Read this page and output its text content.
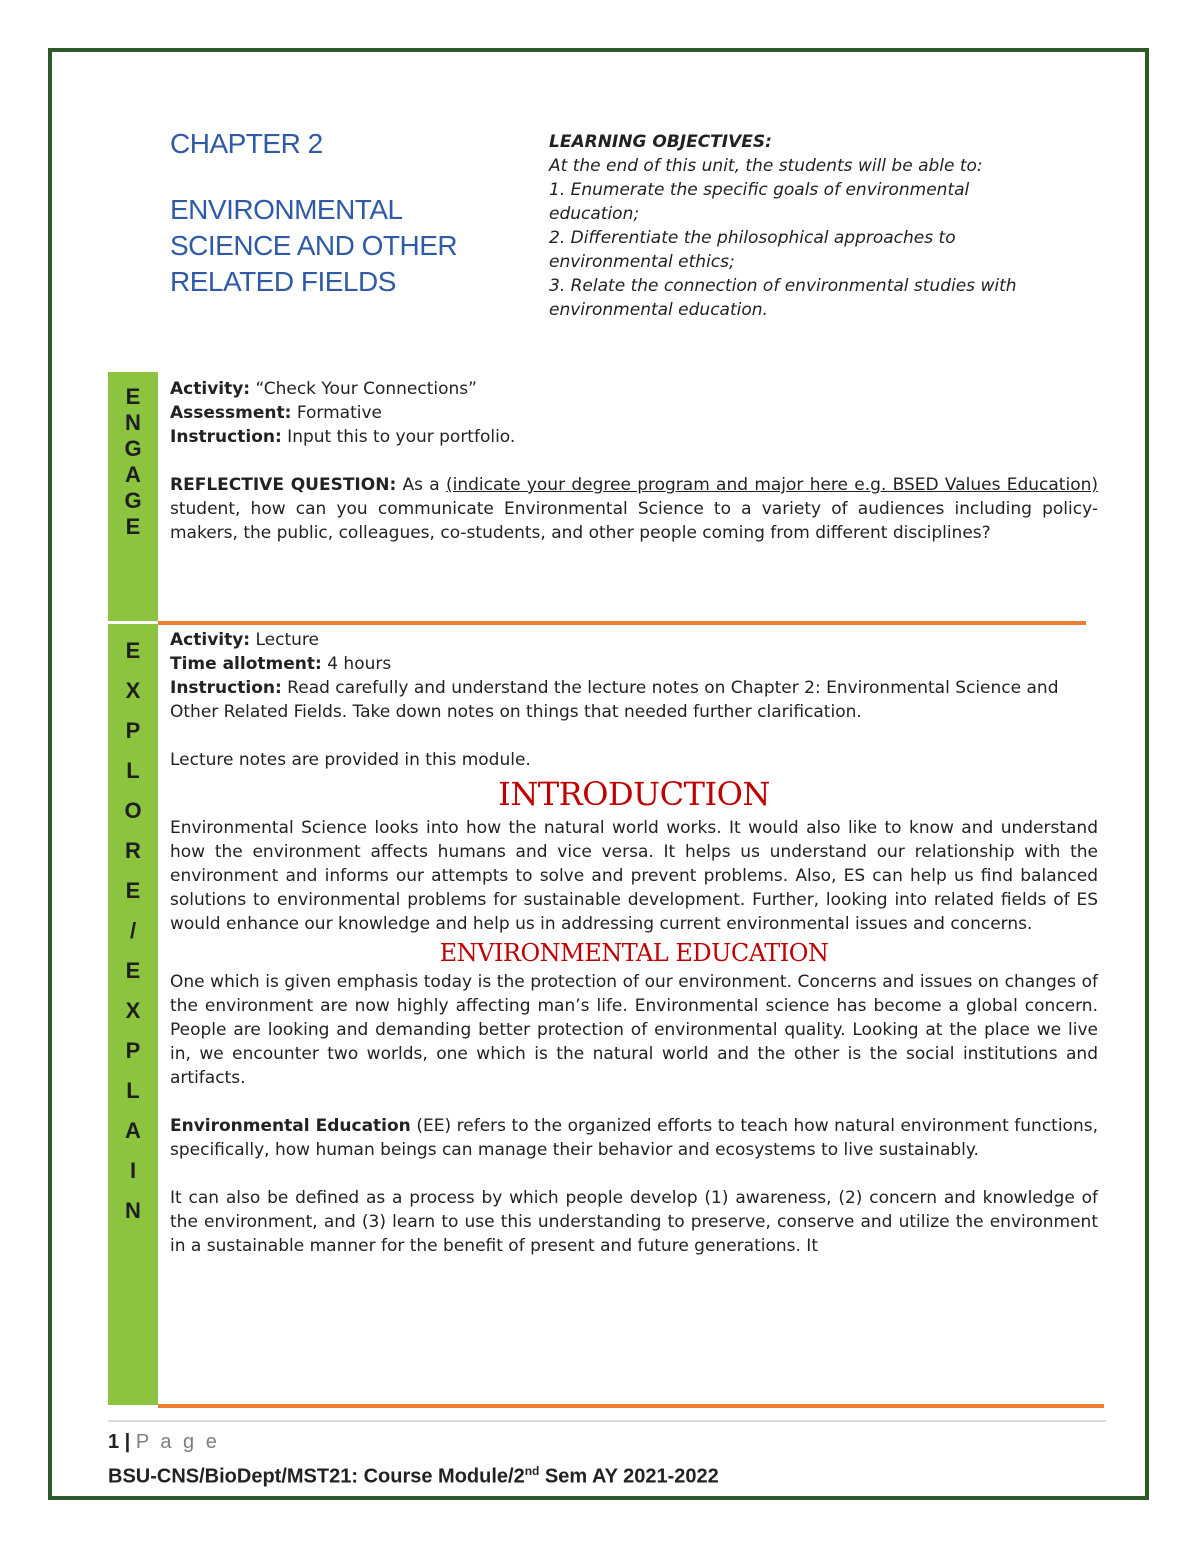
CHAPTER 2

ENVIRONMENTAL

SCIENCE AND OTHER

RELATED FIELDS

LEARNING OBJECTIVES:

At the end of this unit, the students will be able to:

1. Enumerate the specific goals of environmental

education;

2. Differentiate the philosophical approaches to

environmental ethics;

3. Relate the connection of environmental studies with

environmental education.

E
N
G
A
G
E
E
X
P
L
O
R
E
/
E
X
P
L
A
I
N

Activity: “Check Your Connections”

Assessment: Formative

Instruction: Input this to your portfolio.

REFLECTIVE QUESTION: As a (indicate your degree program and major here e.g. BSED Values Education) student, how can you communicate Environmental Science to a variety of audiences including policy-makers, the public, colleagues, co-students, and other people coming from different disciplines?

Activity: Lecture

Time allotment: 4 hours

Instruction: Read carefully and understand the lecture notes on Chapter 2: Environmental Science and Other Related Fields. Take down notes on things that needed further clarification.

Lecture notes are provided in this module.

INTRODUCTION

Environmental Science looks into how the natural world works. It would also like to know and understand how the environment affects humans and vice versa. It helps us understand our relationship with the environment and informs our attempts to solve and prevent problems. Also, ES can help us find balanced solutions to environmental problems for sustainable development. Further, looking into related fields of ES would enhance our knowledge and help us in addressing current environmental issues and concerns.

ENVIRONMENTAL EDUCATION

One which is given emphasis today is the protection of our environment. Concerns and issues on changes of the environment are now highly affecting man’s life. Environmental science has become a global concern. People are looking and demanding better protection of environmental quality. Looking at the place we live in, we encounter two worlds, one which is the natural world and the other is the social institutions and artifacts.

Environmental Education (EE) refers to the organized efforts to teach how natural environment functions, specifically, how human beings can manage their behavior and ecosystems to live sustainably.

It can also be defined as a process by which people develop (1) awareness, (2) concern and knowledge of the environment, and (3) learn to use this understanding to preserve, conserve and utilize the environment in a sustainable manner for the benefit of present and future generations. It

1 | P a g e
BSU-CNS/BioDept/MST21: Course Module/2nd Sem AY 2021-2022
